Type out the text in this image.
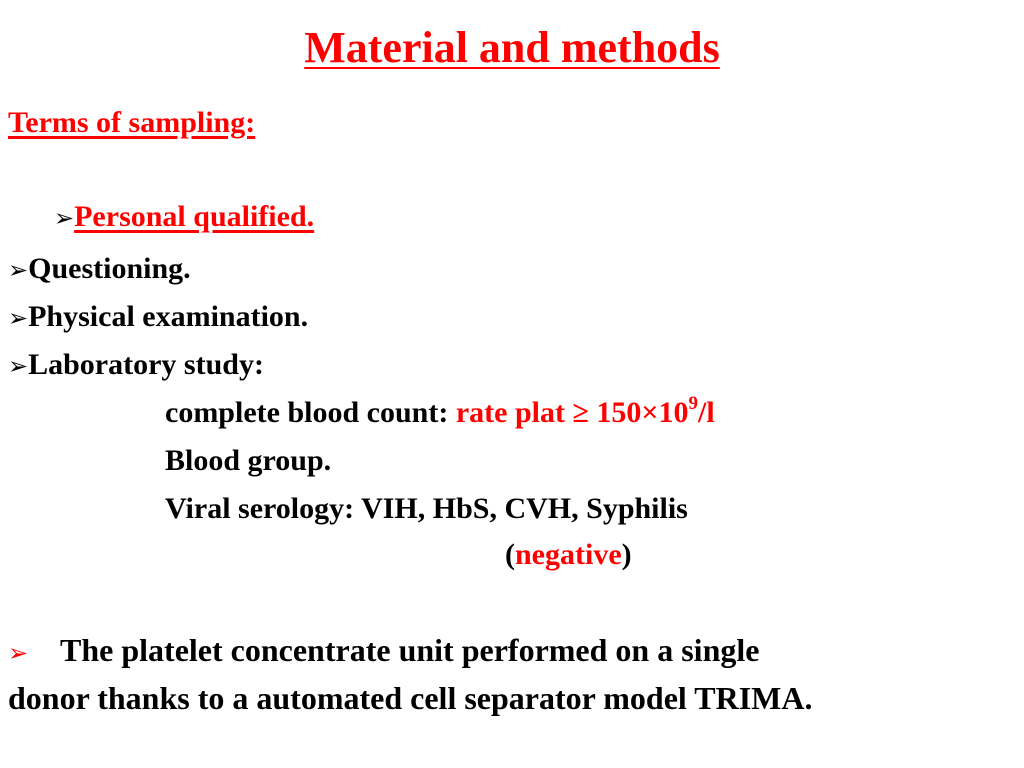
Material and methods
Terms of sampling:
➢Personal qualified.
➢Questioning.
➢Physical examination.
➢Laboratory study:
complete blood count: rate plat ≥ $150\times 10^9/l$
Blood group.
Viral serology: VIH, HbS, CVH, Syphilis
(negative)
➢ The platelet concentrate unit performed on a single
donor thanks to a automated cell separator model TRIMA.
